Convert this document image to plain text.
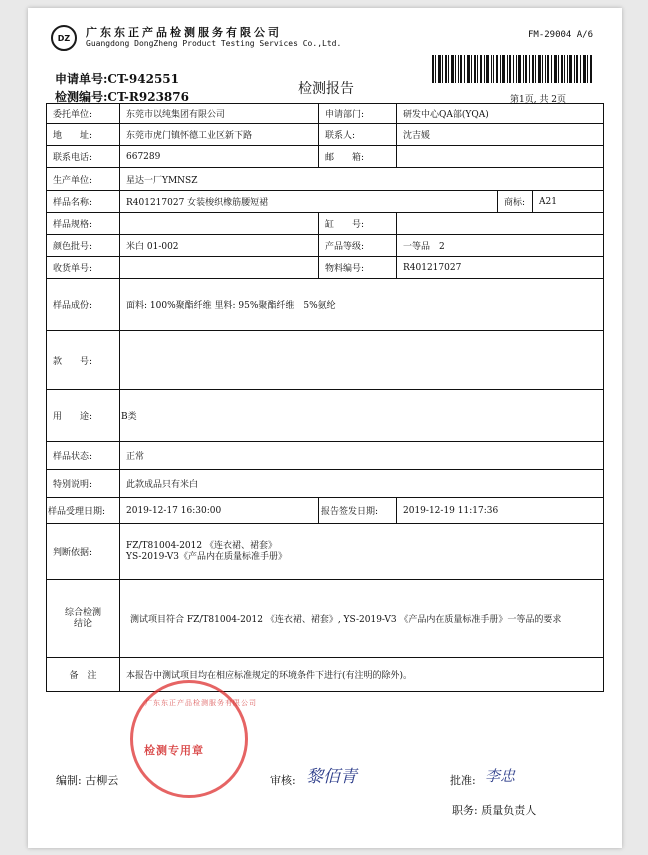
DZ	广东东正产品检测服务有限公司
Guangdong DongZheng Product Testing Services Co.,Ltd.
FM-29004 A/6
申请单号:CT-942551
检测编号:CT-R923876	检测报告
第1页, 共 2页
委托单位:	东莞市以纯集团有限公司	申请部门:	研发中心QA部(YQA)		
地　　址:	东莞市虎门镇怀德工业区新下路	联系人:	沈吉媛		
联系电话:	667289	邮　　箱:			
生产单位:	星达一厂YMNSZ				
样品名称:	R401217027 女装梭织橡筋腰短裙			商标:	A21
样品规格:		缸　　号:			
颜色批号:	米白 01-002	产品等级:	一等品　2		
收货单号:		物料编号:	R401217027		
样品成份:	面料: 100%聚酯纤维 里料: 95%聚酯纤维　5%氨纶				
款　　号:					
用　　途:	B类				
样品状态:	正常				
特别说明:	此款成品只有米白				
样品受理日期:	2019-12-17 16:30:00	报告签发日期:	2019-12-19 11:17:36		
判断依据:	FZ/T81004-2012 《连衣裙、裙套》
YS-2019-V3《产品内在质量标准手册》				

综合检测
结论	测试项目符合 FZ/T81004-2012 《连衣裙、裙套》, YS-2019-V3 《产品内在质量标准手册》一等品的要求				
备　注	本报告中测试项目均在相应标准规定的环境条件下进行(有注明的除外)。				
广东东正产品检测服务有限公司
检测专用章
编制: 古柳云	审核: 黎佰青	批准: 李忠
职务: 质量负责人
